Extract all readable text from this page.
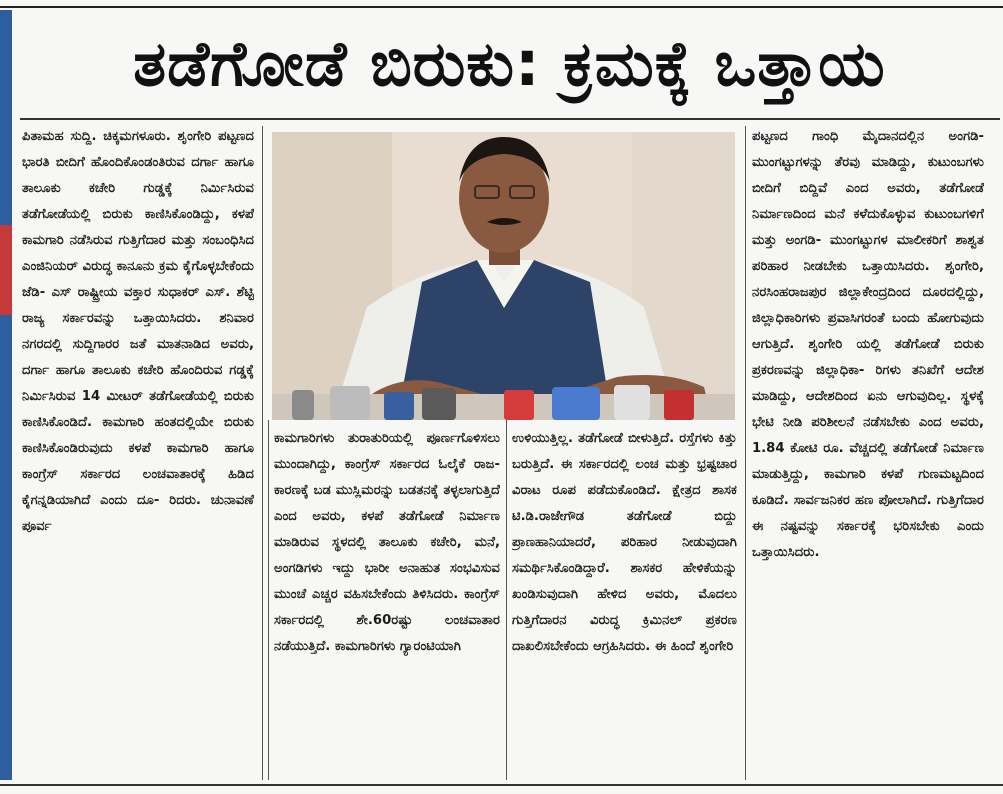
ತಡೆಗೋಡೆ ಬಿರುಕು: ಕ್ರಮಕ್ಕೆ ಒತ್ತಾಯ
ಪಿತಾಮಹ ಸುದ್ದಿ. ಚಿಕ್ಕಮಗಳೂರು. ಶೃಂಗೇರಿ ಪಟ್ಟಣದ ಭಾರತಿ ಬೀದಿಗೆ ಹೊಂದಿಕೊಂಡಂತಿರುವ ದರ್ಗಾ ಹಾಗೂ ತಾಲೂಕು ಕಚೇರಿ ಗುಡ್ಡಕ್ಕೆ ನಿರ್ಮಿಸಿರುವ ತಡೆಗೋಡೆಯಲ್ಲಿ ಬಿರುಕು ಕಾಣಿಸಿಕೊಂಡಿದ್ದು, ಕಳಪೆ ಕಾಮಗಾರಿ ನಡೆಸಿರುವ ಗುತ್ತಿಗೆದಾರ ಮತ್ತು ಸಂಬಂಧಿಸಿದ ಎಂಜಿನಿಯರ್ ವಿರುದ್ಧ ಕಾನೂನು ಕ್ರಮ ಕೈಗೊಳ್ಳಬೇಕೆಂದು ಜೆಡಿ- ಎಸ್ ರಾಷ್ಟ್ರೀಯ ವಕ್ತಾರ ಸುಧಾಕರ್ ಎಸ್. ಶೆಟ್ಟಿ ರಾಜ್ಯ ಸರ್ಕಾರವನ್ನು ಒತ್ತಾಯಿಸಿದರು. ಶನಿವಾರ ನಗರದಲ್ಲಿ ಸುದ್ದಿಗಾರರ ಜತೆ ಮಾತನಾಡಿದ ಅವರು, ದರ್ಗಾ ಹಾಗೂ ತಾಲೂಕು ಕಚೇರಿ ಹೊಂದಿರುವ ಗಡ್ಡಕ್ಕೆ ನಿರ್ಮಿಸಿರುವ 14 ಮೀಟರ್ ತಡೆಗೋಡೆಯಲ್ಲಿ ಬಿರುಕು ಕಾಣಿಸಿಕೊಂಡಿದೆ. ಕಾಮಗಾರಿ ಹಂತದಲ್ಲಿಯೇ ಬಿರುಕು ಕಾಣಿಸಿಕೊಂಡಿರುವುದು ಕಳಪೆ ಕಾಮಗಾರಿ ಹಾಗೂ ಕಾಂಗ್ರೆಸ್ ಸರ್ಕಾರದ ಲಂಚವಾತಾರಕ್ಕೆ ಹಿಡಿದ ಕೈಗನ್ನಡಿಯಾಗಿದೆ ಎಂದು ದೂ- ರಿದರು. ಚುನಾವಣೆ ಪೂರ್ವ
ಕಾಮಗಾರಿಗಳು ತುರಾತುರಿಯಲ್ಲಿ ಪೂರ್ಣಗೊಳಿಸಲು ಮುಂದಾಗಿದ್ದು, ಕಾಂಗ್ರೆಸ್ ಸರ್ಕಾರದ ಓಲೈಕೆ ರಾಜ- ಕಾರಣಕ್ಕೆ ಬಡ ಮುಸ್ಲಿಮರನ್ನು ಬಡತನಕ್ಕೆ ತಳ್ಳಲಾಗುತ್ತಿದೆ ಎಂದ ಅವರು, ಕಳಪೆ ತಡೆಗೋಡೆ ನಿರ್ಮಾಣ ಮಾಡಿರುವ ಸ್ಥಳದಲ್ಲಿ ತಾಲೂಕು ಕಚೇರಿ, ಮನೆ, ಅಂಗಡಿಗಳು ಇದ್ದು ಭಾರೀ ಅನಾಹುತ ಸಂಭವಿಸುವ ಮುಂಚೆ ಎಚ್ಚರ ವಹಿಸಬೇಕೆಂದು ತಿಳಿಸಿದರು. ಕಾಂಗ್ರೆಸ್ ಸರ್ಕಾರದಲ್ಲಿ ಶೇ.60ರಷ್ಟು ಲಂಚವಾತಾರ ನಡೆಯುತ್ತಿದೆ. ಕಾಮಗಾರಿಗಳು ಗ್ಯಾರಂಟಿಯಾಗಿ
ಉಳಿಯುತ್ತಿಲ್ಲ. ತಡೆಗೋಡೆ ಬೀಳುತ್ತಿದೆ. ರಸ್ತೆಗಳು ಕಿತ್ತು ಬರುತ್ತಿದೆ. ಈ ಸರ್ಕಾರದಲ್ಲಿ ಲಂಚ ಮತ್ತು ಭ್ರಷ್ಟಚಾರ ವಿರಾಟ ರೂಪ ಪಡೆದುಕೊಂಡಿದೆ. ಕ್ಷೇತ್ರದ ಶಾಸಕ ಟಿ.ಡಿ.ರಾಜೇಗೌಡ ತಡೆಗೋಡೆ ಬಿದ್ದು ಪ್ರಾಣಹಾನಿಯಾದರೆ, ಪರಿಹಾರ ನೀಡುವುದಾಗಿ ಸಮರ್ಥಿಸಿಕೊಂಡಿದ್ದಾರೆ. ಶಾಸಕರ ಹೇಳಿಕೆಯನ್ನು ಖಂಡಿಸುವುದಾಗಿ ಹೇಳಿದ ಅವರು, ಮೊದಲು ಗುತ್ತಿಗೆದಾರನ ವಿರುದ್ಧ ಕ್ರಿಮಿನಲ್ ಪ್ರಕರಣ ದಾಖಲಿಸಬೇಕೆಂದು ಆಗ್ರಹಿಸಿದರು. ಈ ಹಿಂದೆ ಶೃಂಗೇರಿ
ಪಟ್ಟಣದ ಗಾಂಧಿ ಮೈದಾನದಲ್ಲಿನ ಅಂಗಡಿ- ಮುಂಗಟ್ಟುಗಳನ್ನು ತೆರವು ಮಾಡಿದ್ದು, ಕುಟುಂಬಗಳು ಬೀದಿಗೆ ಬಿದ್ದಿವೆ ಎಂದ ಅವರು, ತಡೆಗೋಡೆ ನಿರ್ಮಾಣದಿಂದ ಮನೆ ಕಳೆದುಕೊಳ್ಳುವ ಕುಟುಂಬಗಳಿಗೆ ಮತ್ತು ಅಂಗಡಿ- ಮುಂಗಟ್ಟುಗಳ ಮಾಲೀಕರಿಗೆ ಶಾಶ್ವತ ಪರಿಹಾರ ನೀಡಬೇಕು ಒತ್ತಾಯಿಸಿದರು. ಶೃಂಗೇರಿ, ನರಸಿಂಹರಾಜಪುರ ಜಿಲ್ಲಾಕೇಂದ್ರದಿಂದ ದೂರದಲ್ಲಿದ್ದು, ಜಿಲ್ಲಾಧಿಕಾರಿಗಳು ಪ್ರವಾಸಿಗರಂತೆ ಬಂದು ಹೋಗುವುದು ಆಗುತ್ತಿದೆ. ಶೃಂಗೇರಿ ಯಲ್ಲಿ ತಡೆಗೋಡೆ ಬಿರುಕು ಪ್ರಕರಣವನ್ನು ಜಿಲ್ಲಾಧಿಕಾ- ರಿಗಳು ತನಿಖೆಗೆ ಆದೇಶ ಮಾಡಿದ್ದು, ಆದೇಶದಿಂದ ಏನು ಆಗುವುದಿಲ್ಲ. ಸ್ಥಳಕ್ಕೆ ಭೇಟಿ ನೀಡಿ ಪರಿಶೀಲನೆ ನಡೆಸಬೇಕು ಎಂದ ಅವರು, 1.84 ಕೋಟಿ ರೂ. ವೆಚ್ಚದಲ್ಲಿ ತಡೆಗೋಡೆ ನಿರ್ಮಾಣ ಮಾಡುತ್ತಿದ್ದು, ಕಾಮಗಾರಿ ಕಳಪೆ ಗುಣಮಟ್ಟದಿಂದ ಕೂಡಿದೆ. ಸಾರ್ವಜನಿಕರ ಹಣ ಪೋಲಾಗಿದೆ. ಗುತ್ತಿಗೆದಾರ ಈ ನಷ್ಟವನ್ನು ಸರ್ಕಾರಕ್ಕೆ ಭರಿಸಬೇಕು ಎಂದು ಒತ್ತಾಯಿಸಿದರು.
